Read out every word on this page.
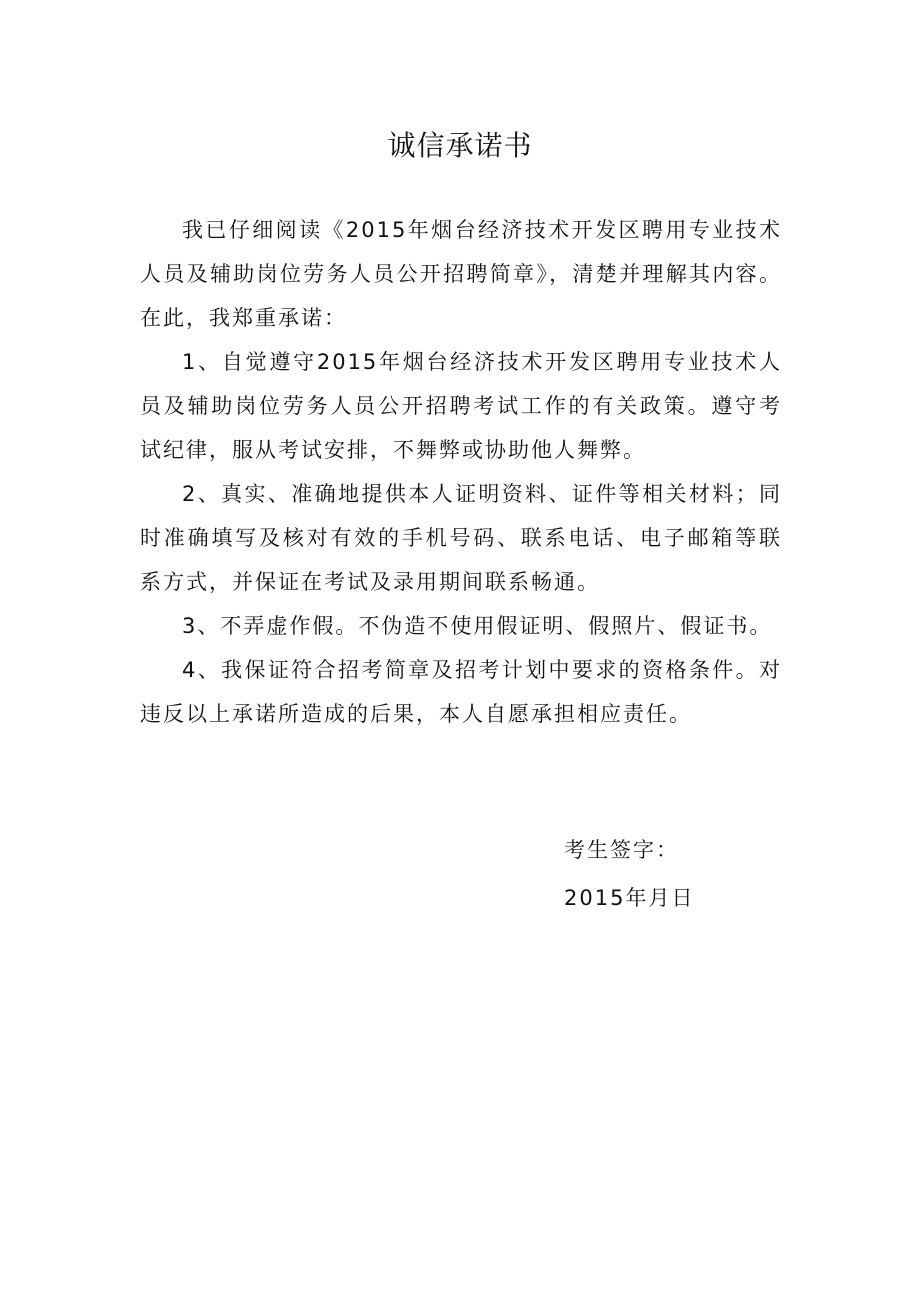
诚信承诺书

我已仔细阅读《2015年烟台经济技术开发区聘用专业技术人员及辅助岗位劳务人员公开招聘简章》，清楚并理解其内容。在此，我郑重承诺：

1、自觉遵守2015年烟台经济技术开发区聘用专业技术人员及辅助岗位劳务人员公开招聘考试工作的有关政策。遵守考试纪律，服从考试安排，不舞弊或协助他人舞弊。

2、真实、准确地提供本人证明资料、证件等相关材料；同时准确填写及核对有效的手机号码、联系电话、电子邮箱等联系方式，并保证在考试及录用期间联系畅通。

3、不弄虚作假。不伪造不使用假证明、假照片、假证书。

4、我保证符合招考简章及招考计划中要求的资格条件。对违反以上承诺所造成的后果，本人自愿承担相应责任。

考生签字：

2015年月日
